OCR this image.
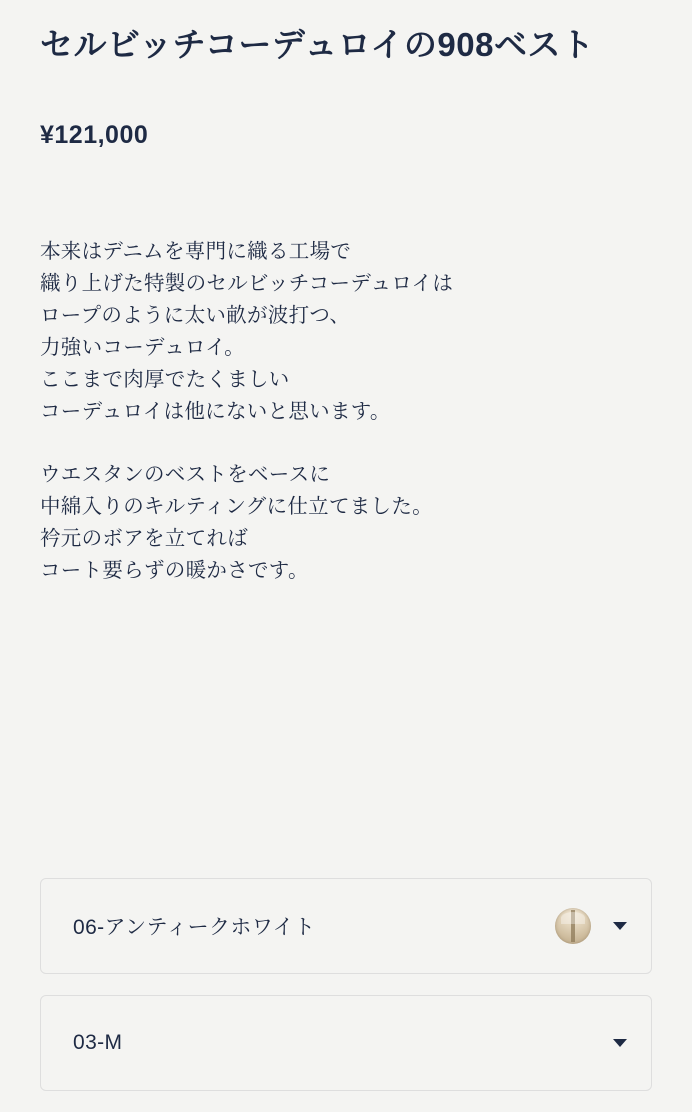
セルビッチコーデュロイの908ベスト
¥121,000

本来はデニムを専門に織る工場で
織り上げた特製のセルビッチコーデュロイは
ロープのように太い畝が波打つ、
力強いコーデュロイ。
ここまで肉厚でたくましい
コーデュロイは他にないと思います。

ウエスタンのベストをベースに
中綿入りのキルティングに仕立てました。
衿元のボアを立てれば
コート要らずの暖かさです。

06-アンティークホワイト
03-M
